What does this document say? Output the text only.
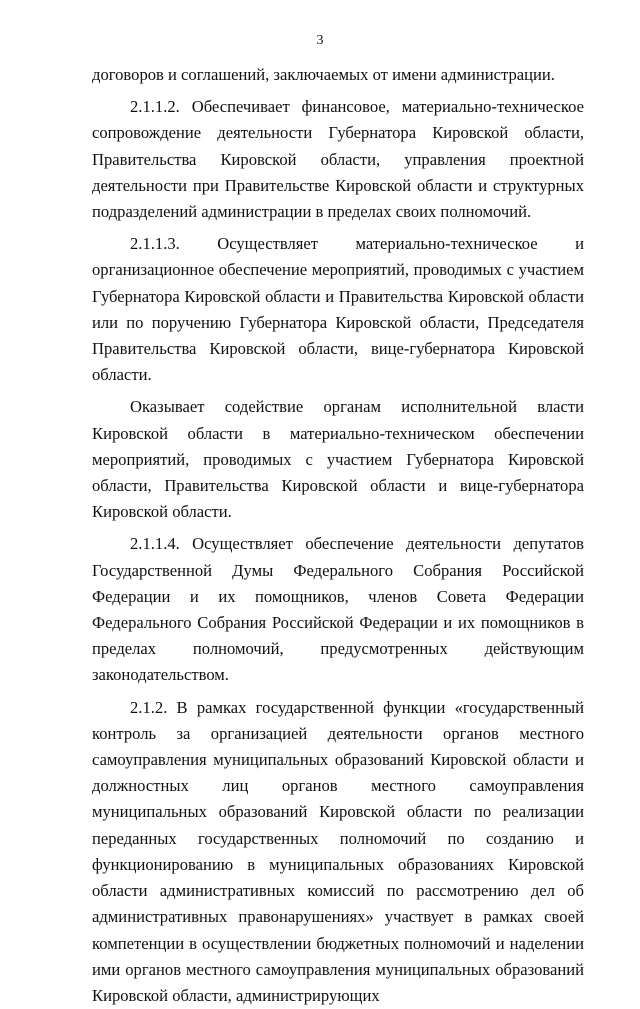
3

договоров и соглашений, заключаемых от имени администрации.

2.1.1.2. Обеспечивает финансовое, материально-техническое сопровождение деятельности Губернатора Кировской области, Правительства Кировской области, управления проектной деятельности при Правительстве Кировской области и структурных подразделений администрации в пределах своих полномочий.

2.1.1.3. Осуществляет материально-техническое и организационное обеспечение мероприятий, проводимых с участием Губернатора Кировской области и Правительства Кировской области или по поручению Губернатора Кировской области, Председателя Правительства Кировской области, вице-губернатора Кировской области.

Оказывает содействие органам исполнительной власти Кировской области в материально-техническом обеспечении мероприятий, проводимых с участием Губернатора Кировской области, Правительства Кировской области и вице-губернатора Кировской области.

2.1.1.4. Осуществляет обеспечение деятельности депутатов Государственной Думы Федерального Собрания Российской Федерации и их помощников, членов Совета Федерации Федерального Собрания Российской Федерации и их помощников в пределах полномочий, предусмотренных действующим законодательством.

2.1.2. В рамках государственной функции «государственный контроль за организацией деятельности органов местного самоуправления муниципальных образований Кировской области и должностных лиц органов местного самоуправления муниципальных образований Кировской области по реализации переданных государственных полномочий по созданию и функционированию в муниципальных образованиях Кировской области административных комиссий по рассмотрению дел об административных правонарушениях» участвует в рамках своей компетенции в осуществлении бюджетных полномочий и наделении ими органов местного самоуправления муниципальных образований Кировской области, администрирующих
